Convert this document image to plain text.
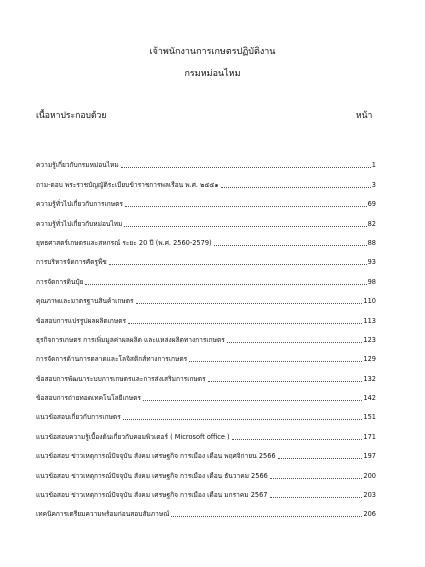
เจ้าพนักงานการเกษตรปฏิบัติงาน
กรมหม่อนไหม
เนื้อหาประกอบด้วย	หน้า
ความรู้เกี่ยวกับกรมหม่อนไหม	1
ถาม-ตอบ พระราชบัญญัติระเบียบข้าราชการพลเรือน พ.ศ. ๒๕๕๑	3
ความรู้ทั่วไปเกี่ยวกับการเกษตร	69
ความรู้ทั่วไปเกี่ยวกับหม่อนไหม	82
ยุทธศาสตร์เกษตรและสหกรณ์ ระยะ 20 ปี (พ.ศ. 2560-2579)	88
การบริหารจัดการศัตรูพืช	93
การจัดการดินปุ๋ย	98
คุณภาพและมาตรฐานสินค้าเกษตร	110
ข้อสอบการแปรรูปผลผลิตเกษตร	113
ธุรกิจการเกษตร การเพิ่มมูลค่าผลผลิต และแหล่งผลิตทางการเกษตร	123
การจัดการด้านการตลาดและโลจิสติกส์ทางการเกษตร	129
ข้อสอบการพัฒนาระบบการเกษตรและการส่งเสริมการเกษตร	132
ข้อสอบการถ่ายทอดเทคโนโลยีเกษตร	142
แนวข้อสอบเกี่ยวกับการเกษตร	151
แนวข้อสอบความรู้เบื้องต้นเกี่ยวกับคอมพิวเตอร์ ( Microsoft office )	171
แนวข้อสอบ ข่าวเหตุการณ์ปัจจุบัน สังคม เศรษฐกิจ การเมือง เดือน พฤศจิกายน 2566	197
แนวข้อสอบ ข่าวเหตุการณ์ปัจจุบัน สังคม เศรษฐกิจ การเมือง เดือน ธันวาคม 2566	200
แนวข้อสอบ ข่าวเหตุการณ์ปัจจุบัน สังคม เศรษฐกิจ การเมือง เดือน มกราคม 2567	203
เทคนิคการเตรียมความพร้อมก่อนสอบสัมภาษณ์	206
